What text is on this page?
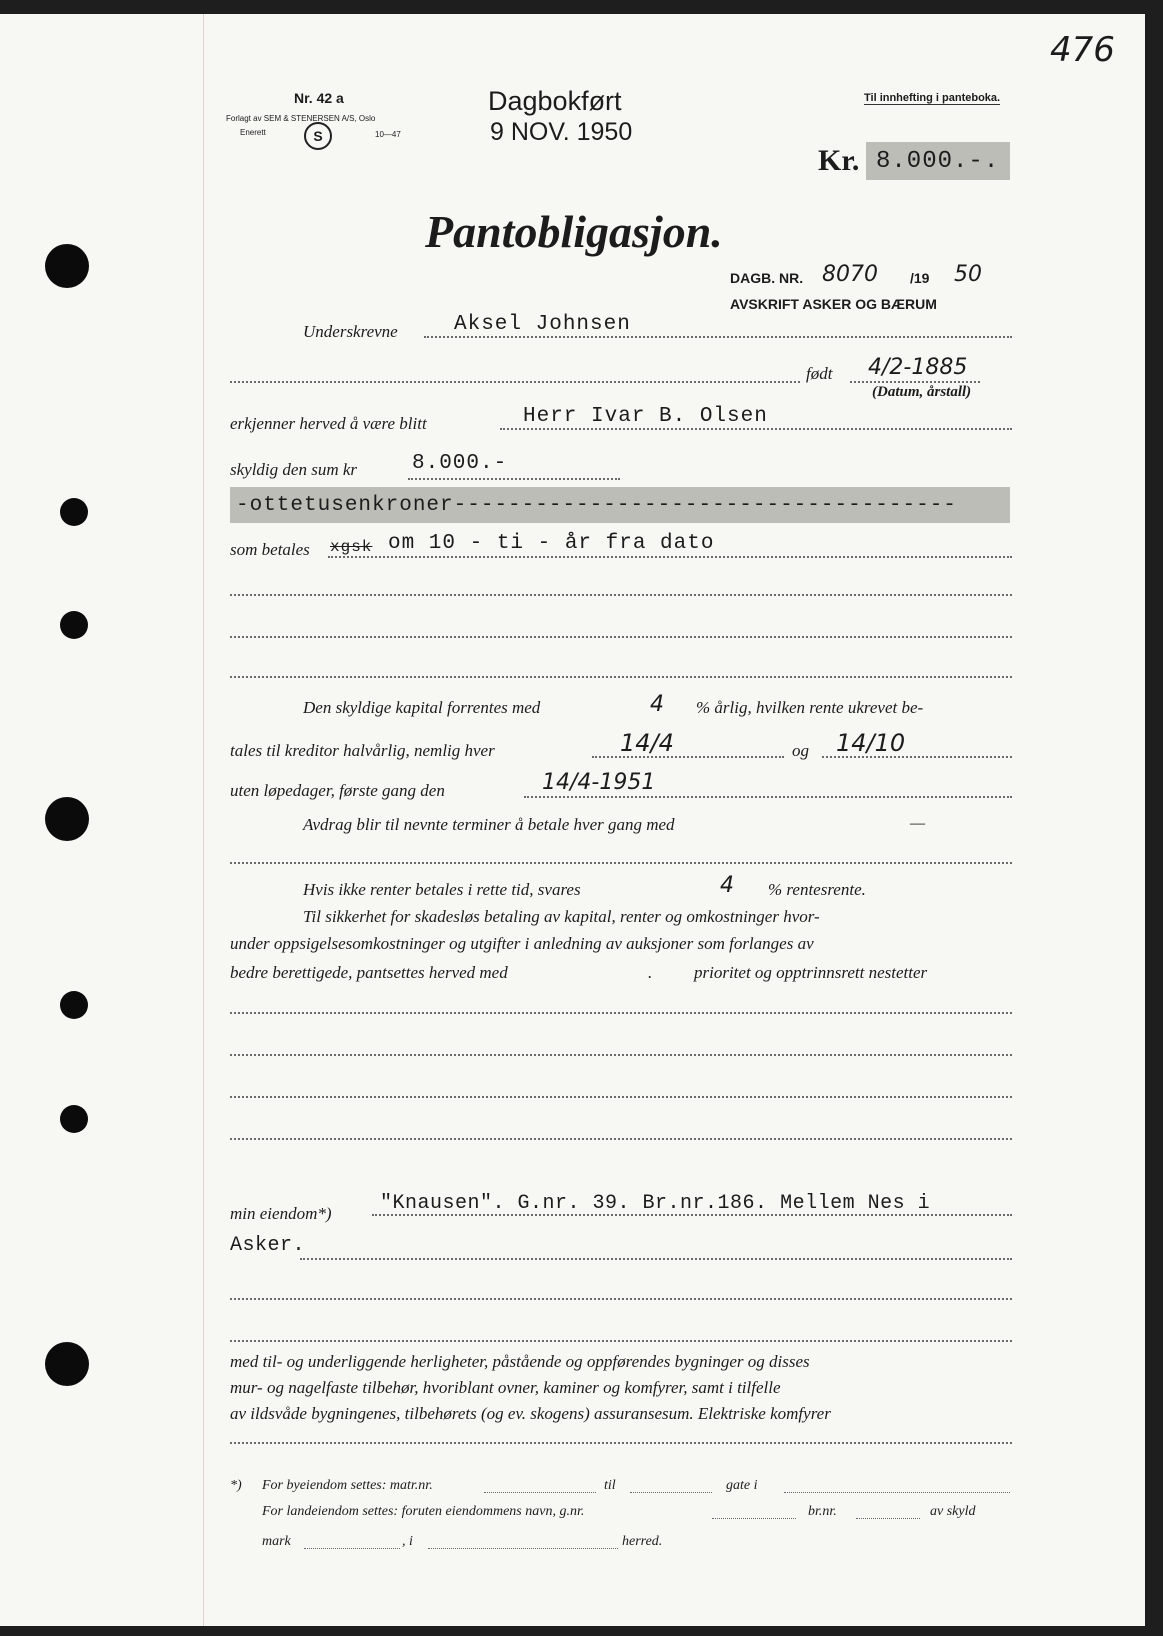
476
Nr. 42 a
Forlagt av SEM & STENERSEN A/S, Oslo
Enerett	S	10—47
Dagbokført
9 NOV. 1950
Til innhefting i panteboka.
Kr. 8.000.-.
Pantobligasjon.
DAGB. NR. 8070 /19 50
AVSKRIFT ASKER OG BÆRUM
Underskrevne	Aksel Johnsen
født 4/2-1885
(Datum, årstall)
erkjenner herved å være blitt	Herr Ivar B. Olsen
skyldig den sum kr	8.000.-
-ottetusenkroner-------------------------------------
som betales xgsk om 10 - ti - år fra dato
Den skyldige kapital forrentes med	4 % årlig, hvilken rente ukrevet be-
tales til kreditor halvårlig, nemlig hver	14/4	og 14/10
uten løpedager, første gang den	14/4-1951
Avdrag blir til nevnte terminer å betale hver gang med	—
Hvis ikke renter betales i rette tid, svares	4 % rentesrente.
Til sikkerhet for skadesløs betaling av kapital, renter og omkostninger hvor-
under oppsigelsesomkostninger og utgifter i anledning av auksjoner som forlanges av
bedre berettigede, pantsettes herved med	. prioritet og opptrinnsrett nestetter
min eiendom*) "Knausen". G.nr. 39. Br.nr.186. Mellem Nes i
Asker.
med til- og underliggende herligheter, påstående og oppførendes bygninger og disses
mur- og nagelfaste tilbehør, hvoriblant ovner, kaminer og komfyrer, samt i tilfelle
av ildsvåde bygningenes, tilbehørets (og ev. skogens) assuransesum. Elektriske komfyrer
*) For byeiendom settes: matr.nr.	til	gate i
For landeiendom settes: foruten eiendommens navn, g.nr.	br.nr.	av skyld
mark	, i	herred.
